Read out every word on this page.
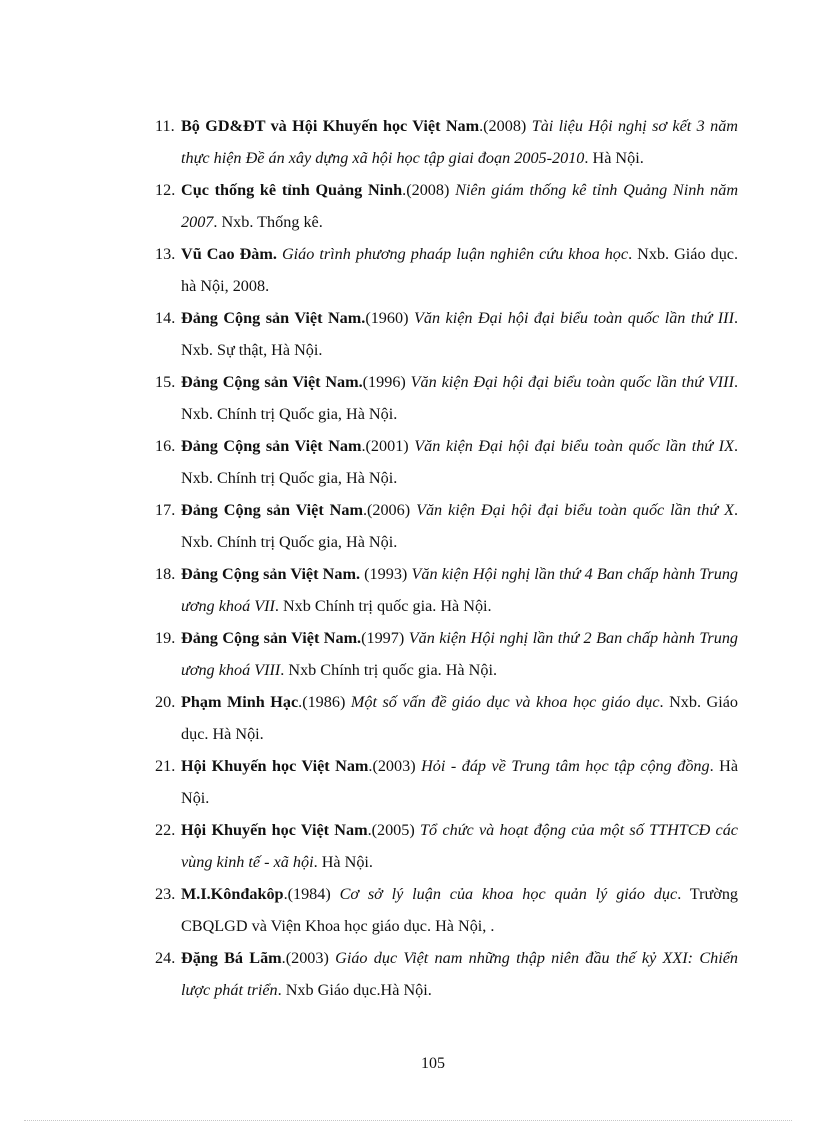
11. Bộ GD&ĐT và Hội Khuyến học Việt Nam.(2008) Tài liệu Hội nghị sơ kết 3 năm thực hiện Đề án xây dựng xã hội học tập giai đoạn 2005-2010. Hà Nội.
12. Cục thống kê tỉnh Quảng Ninh.(2008) Niên giám thống kê tỉnh Quảng Ninh năm 2007. Nxb. Thống kê.
13. Vũ Cao Đàm. Giáo trình phương phaáp luận nghiên cứu khoa học. Nxb. Giáo dục. hà Nội, 2008.
14. Đảng Cộng sản Việt Nam.(1960) Văn kiện Đại hội đại biểu toàn quốc lần thứ III. Nxb. Sự thật, Hà Nội.
15. Đảng Cộng sản Việt Nam.(1996) Văn kiện Đại hội đại biểu toàn quốc lần thứ VIII. Nxb. Chính trị Quốc gia, Hà Nội.
16. Đảng Cộng sản Việt Nam.(2001) Văn kiện Đại hội đại biểu toàn quốc lần thứ IX. Nxb. Chính trị Quốc gia, Hà Nội.
17. Đảng Cộng sản Việt Nam.(2006) Văn kiện Đại hội đại biểu toàn quốc lần thứ X. Nxb. Chính trị Quốc gia, Hà Nội.
18. Đảng Cộng sản Việt Nam. (1993) Văn kiện Hội nghị lần thứ 4 Ban chấp hành Trung ương khoá VII. Nxb Chính trị quốc gia. Hà Nội.
19. Đảng Cộng sản Việt Nam.(1997) Văn kiện Hội nghị lần thứ 2 Ban chấp hành Trung ương khoá VIII. Nxb Chính trị quốc gia. Hà Nội.
20. Phạm Minh Hạc.(1986) Một số vấn đề giáo dục và khoa học giáo dục. Nxb. Giáo dục. Hà Nội.
21. Hội Khuyến học Việt Nam.(2003) Hỏi - đáp về Trung tâm học tập cộng đồng. Hà Nội.
22. Hội Khuyến học Việt Nam.(2005) Tổ chức và hoạt động của một số TTHTCĐ các vùng kinh tế - xã hội. Hà Nội.
23. M.I.Kônđakôp.(1984) Cơ sở lý luận của khoa học quản lý giáo dục. Trường CBQLGD và Viện Khoa học giáo dục. Hà Nội, .
24. Đặng Bá Lãm.(2003) Giáo dục Việt nam những thập niên đầu thế kỷ XXI: Chiến lược phát triển. Nxb Giáo dục.Hà Nội.
105
